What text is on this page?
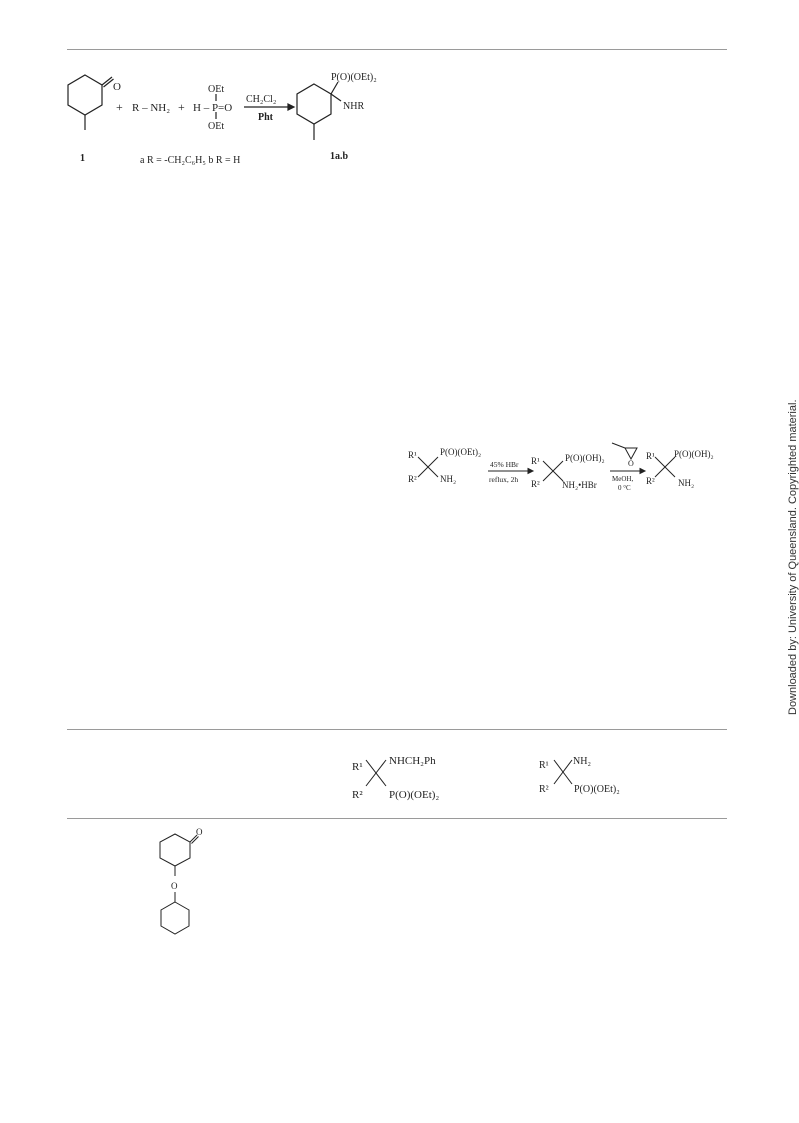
Downloaded by: University of Queensland. Copyrighted material.
O
+ R – NH₂ +
OEt
H – P=O
OEt
CH₂Cl₂
Pht
P(O)(OEt)₂
NHR
1	1a.b
a R = -CH₂C₆H₅ b R = H
R¹	P(O)(OEt)₂
R²	NH₂
45% HBr
reflux, 2h
R¹	P(O)(OH)₂
R² NH₂•HBr
O
MeOH,
0 °C
R¹ P(O)(OH)₂
R²	NH₂
R¹ NHCH₂Ph
R² P(O)(OEt)₂
R¹ NH₂
R²	P(O)(OEt)₂
O
O
